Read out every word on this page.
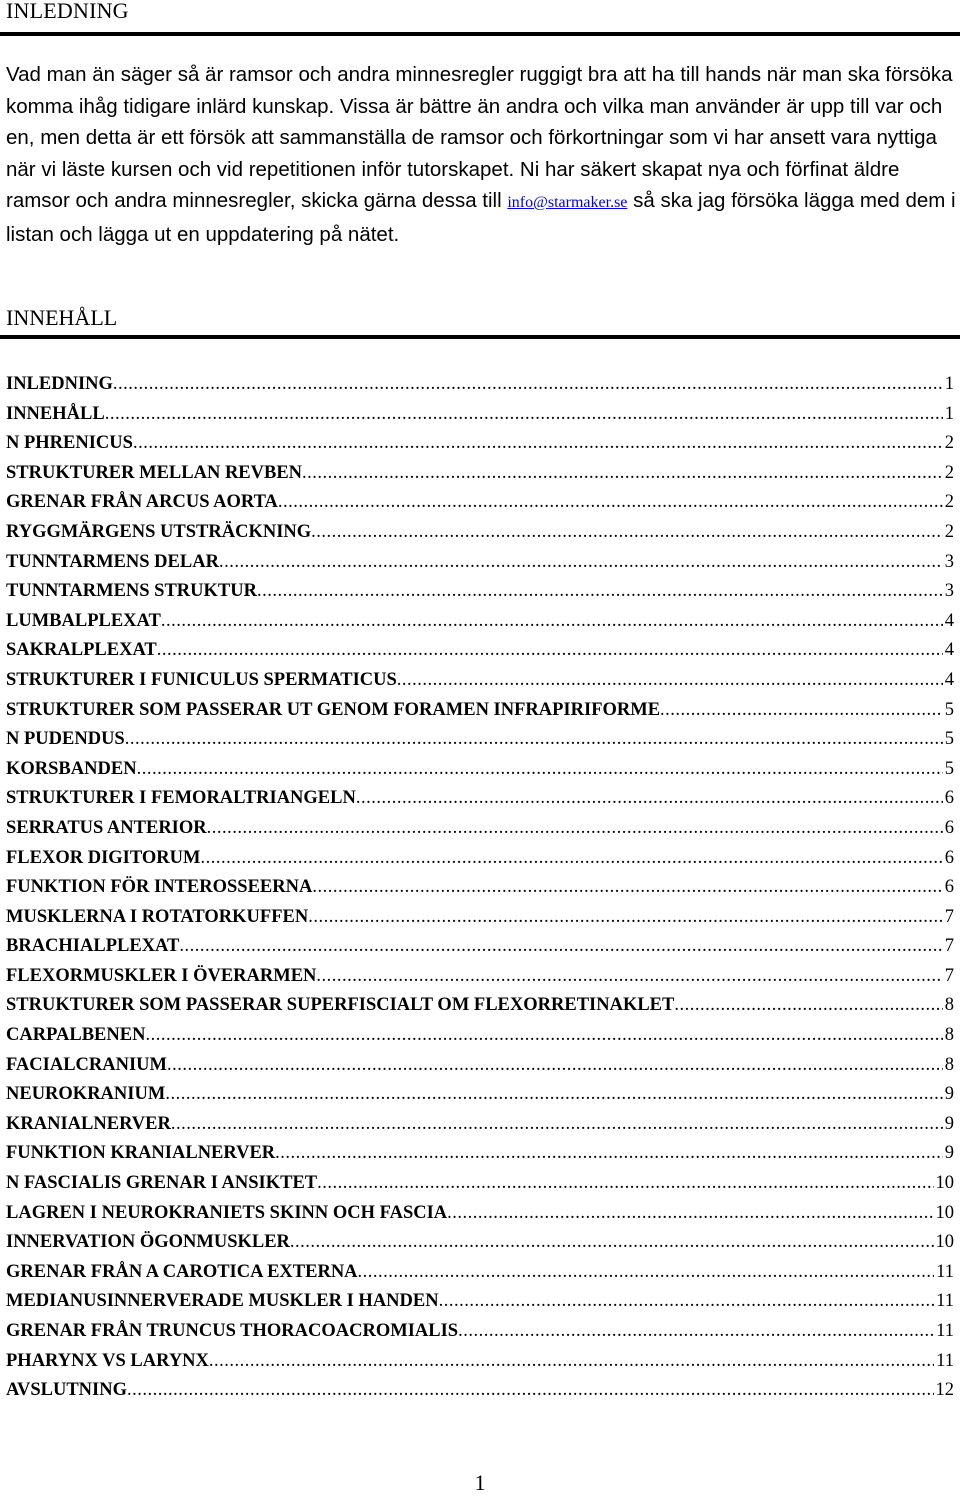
INLEDNING

Vad man än säger så är ramsor och andra minnesregler ruggigt bra att ha till hands när man ska försöka komma ihåg tidigare inlärd kunskap. Vissa är bättre än andra och vilka man använder är upp till var och en, men detta är ett försök att sammanställa de ramsor och förkortningar som vi har ansett vara nyttiga när vi läste kursen och vid repetitionen inför tutorskapet. Ni har säkert skapat nya och förfinat äldre ramsor och andra minnesregler, skicka gärna dessa till info@starmaker.se så ska jag försöka lägga med dem i listan och lägga ut en uppdatering på nätet.

INNEHÅLL
INLEDNING .....	1
INNEHÅLL .....	1
N PHRENICUS .....	2
STRUKTURER MELLAN REVBEN .....	2
GRENAR FRÅN ARCUS AORTA .....	2
RYGGMÄRGENS UTSTRÄCKNING .....	2
TUNNTARMENS DELAR .....	3
TUNNTARMENS STRUKTUR .....	3
LUMBALPLEXAT .....	4
SAKRALPLEXAT .....	4
STRUKTURER I FUNICULUS SPERMATICUS .....	4
STRUKTURER SOM PASSERAR UT GENOM FORAMEN INFRAPIRIFORME .....	5
N PUDENDUS .....	5
KORSBANDEN .....	5
STRUKTURER I FEMORALTRIANGELN .....	6
SERRATUS ANTERIOR .....	6
FLEXOR DIGITORUM .....	6
FUNKTION FÖR INTEROSSEERNA .....	6
MUSKLERNA I ROTATORKUFFEN .....	7
BRACHIALPLEXAT .....	7
FLEXORMUSKLER I ÖVERARMEN .....	7
STRUKTURER SOM PASSERAR SUPERFISCIALT OM FLEXORRETINAKLET .....	8
CARPALBENEN .....	8
FACIALCRANIUM .....	8
NEUROKRANIUM .....	9
KRANIALNERVER .....	9
FUNKTION KRANIALNERVER .....	9
N FASCIALIS GRENAR I ANSIKTET .....	10
LAGREN I NEUROKRANIETS SKINN OCH FASCIA .....	10
INNERVATION ÖGONMUSKLER .....	10
GRENAR FRÅN A CAROTICA EXTERNA .....	11
MEDIANUSINNERVERADE MUSKLER I HANDEN .....	11
GRENAR FRÅN TRUNCUS THORACOACROMIALIS .....	11
PHARYNX VS LARYNX .....	11
AVSLUTNING .....	12
1
